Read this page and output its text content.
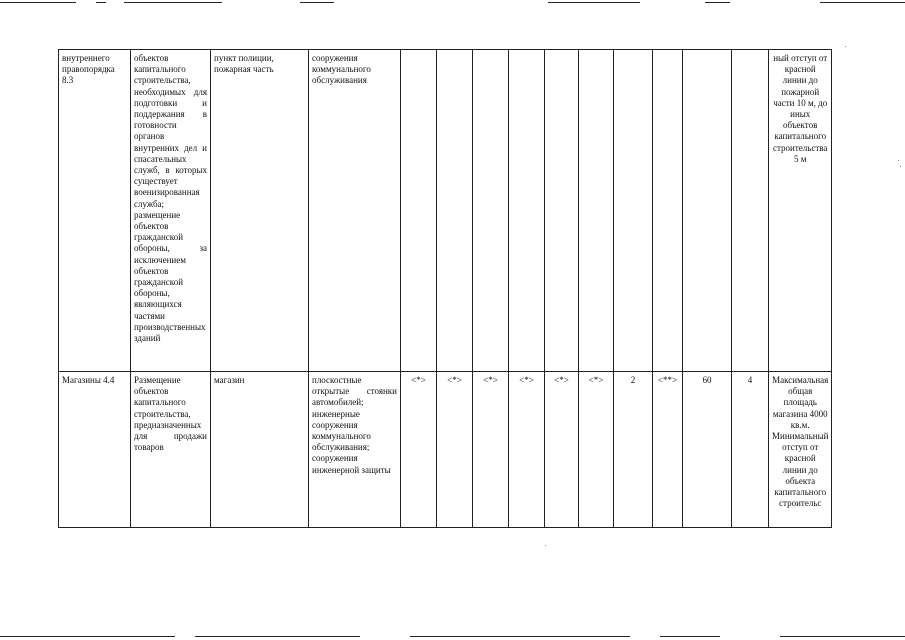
внутреннего правопорядка 8.3	объектов капитального строительства, необходимых для подготовки и поддержания в готовности органов внутренних дел и спасательных служб, в которых существует военизированная служба; размещение объектов гражданской обороны, за исключением объектов гражданской обороны, являющихся частями производственных зданий	пункт полиции, пожарная часть	сооружения коммунального обслуживания											ный отступ от красной линии до пожарной части 10 м, до иных объектов капитального строительства 5 м
Магазины 4.4	Размещение объектов капитального строительства, предназначенных для продажи товаров	магазин	плоскостные открытые стоянки автомобилей; инженерные сооружения коммунального обслуживания; сооружения инженерной защиты	<*>	<*>	<*>	<*>	<*>	<*>	2	<**>	60	4	Максимальная общая площадь магазина 4000 кв.м. Минимальный отступ от красной линии до объекта капитального строительс
